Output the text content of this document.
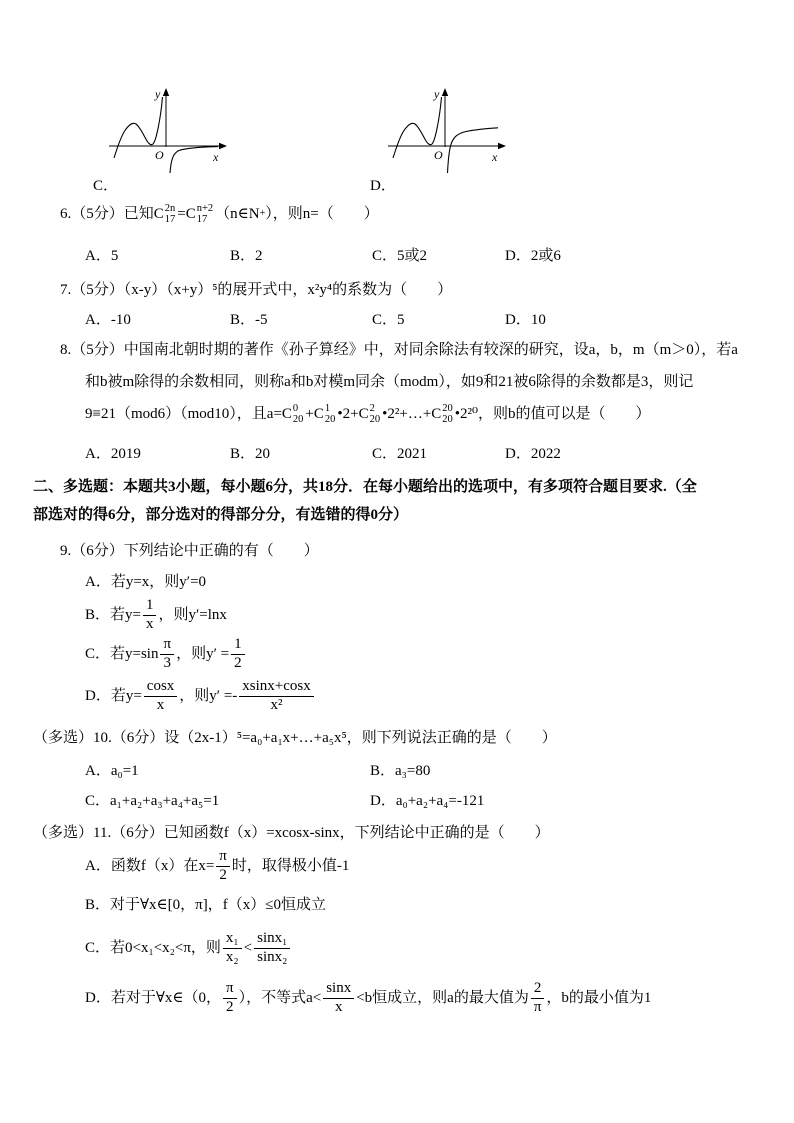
y
x
O
y
x
O
C．	D．
6.（5分）已知C 2n
17 =C n+2
17 （n∈N + ），则n=（　　）
A．5	B．2	C．5或2	D．2或6
7.（5分）（x-y）（x+y）⁵的展开式中，x²y⁴的系数为（　　）
A．-10	B．-5	C．5	D．10
8.（5分）中国南北朝时期的著作《孙子算经》中，对同余除法有较深的研究，设a，b，m（m＞0），若a
和b被m除得的余数相同，则称a和b对模m同余（modm），如9和21被6除得的余数都是3，则记
9≡21（mod6）（mod10），且a=C 0
20 +C 1
20 •2+C 2
20 •2²+…+C 20
20 •2²⁰，则b的值可以是（　　）
A．2019	B．20	C．2021	D．2022
二、多选题：本题共3小题，每小题6分，共18分．在每小题给出的选项中，有多项符合题目要求.（全
部选对的得6分，部分选对的得部分分，有选错的得0分）
9.（6分）下列结论中正确的有（　　）
A．若y=x，则y′=0
B．若$y= \frac{1}{x}$ ，则y′=lnx
C．若$y=\sin \frac{\pi}{3}$ ，则$y' = \frac{1}{2}$
D．若$y= \frac{\cos x}{x}$ ，则$y' =- \frac{xsinx+\cos x}{\text{x²}}$
（多选）10.（6分）设（2x-1）⁵=a₀+a₁x+…+a₅x⁵，则下列说法正确的是（　　）
A．a₀=1	B．a₃=80
C．a₁+a₂+a₃+a₄+a₅=1	D．a₀+a₂+a₄=-121
（多选）11.（6分）已知函数f（x）=xcosx-sinx，下列结论中正确的是（　　）
A．函数f（x）在$x= \frac{\pi}{2}$ 时，取得极小值-1
B．对于∀x∈[0，π]，f（x）≤0恒成立
C．若0<x₁<x₂<π，则 $\frac{\text{x₁}}{\text{x₂}} < \frac{\text{sinx₁}}{\text{sinx₂}}$
D．若对于∀x∈（0， $\frac{\pi}{2}$ ），不等式$a< \frac{\sin x}{x} <b$恒成立，则a的最大值为 $\frac{2}{\pi}$ ，b的最小值为1
